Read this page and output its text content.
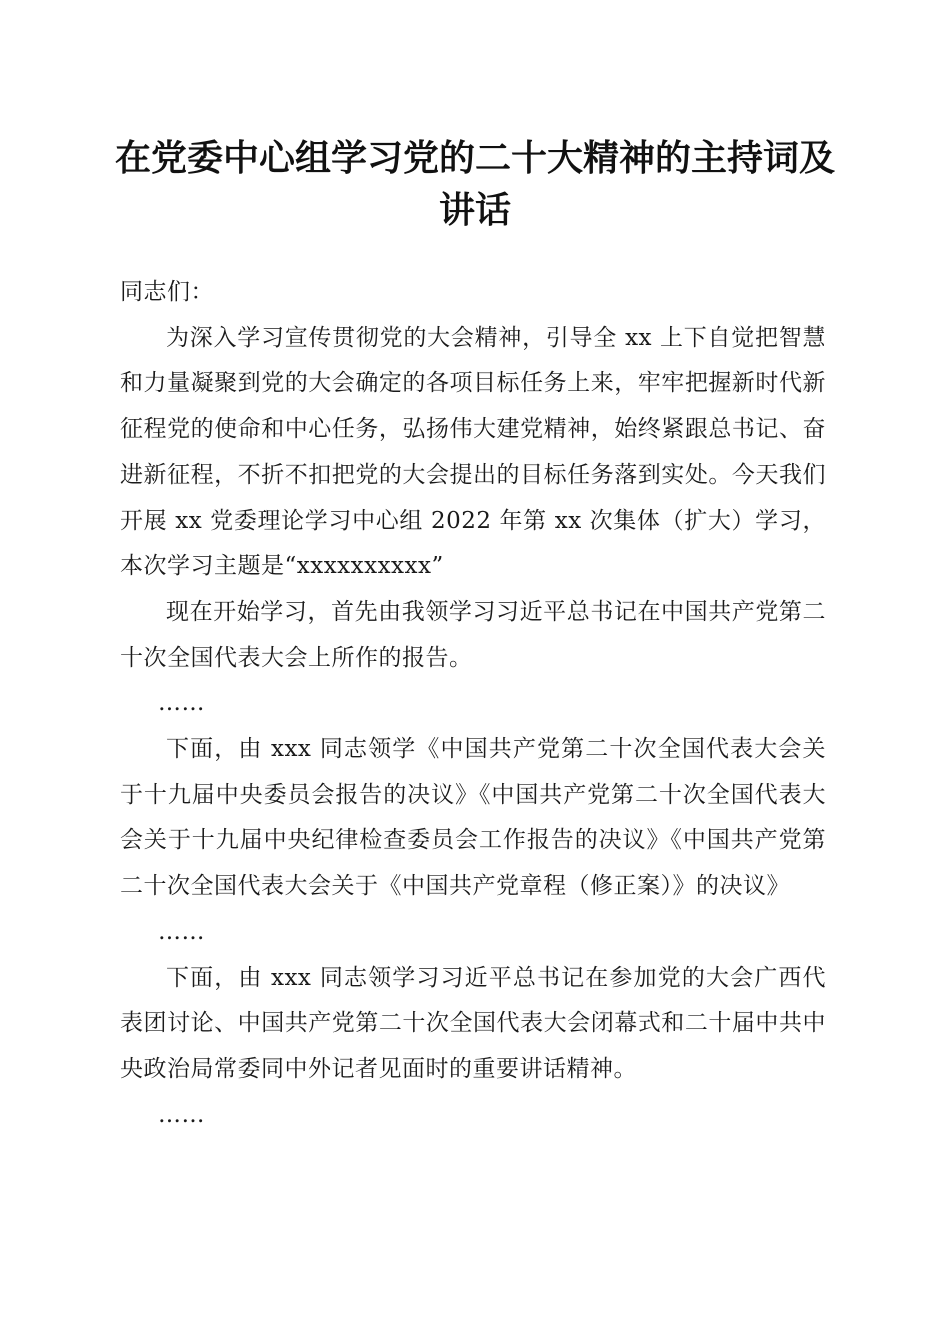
在党委中心组学习党的二十大精神的主持词及讲话

同志们：

为深入学习宣传贯彻党的大会精神，引导全 xx 上下自觉把智慧和力量凝聚到党的大会确定的各项目标任务上来，牢牢把握新时代新征程党的使命和中心任务，弘扬伟大建党精神，始终紧跟总书记、奋进新征程，不折不扣把党的大会提出的目标任务落到实处。今天我们开展 xx 党委理论学习中心组 2022 年第 xx 次集体（扩大）学习，本次学习主题是“xxxxxxxxxx”

现在开始学习，首先由我领学习习近平总书记在中国共产党第二十次全国代表大会上所作的报告。

……

下面，由 xxx 同志领学《中国共产党第二十次全国代表大会关于十九届中央委员会报告的决议》《中国共产党第二十次全国代表大会关于十九届中央纪律检查委员会工作报告的决议》《中国共产党第二十次全国代表大会关于《中国共产党章程（修正案）》的决议》

……

下面，由 xxx 同志领学习习近平总书记在参加党的大会广西代表团讨论、中国共产党第二十次全国代表大会闭幕式和二十届中共中央政治局常委同中外记者见面时的重要讲话精神。

……
